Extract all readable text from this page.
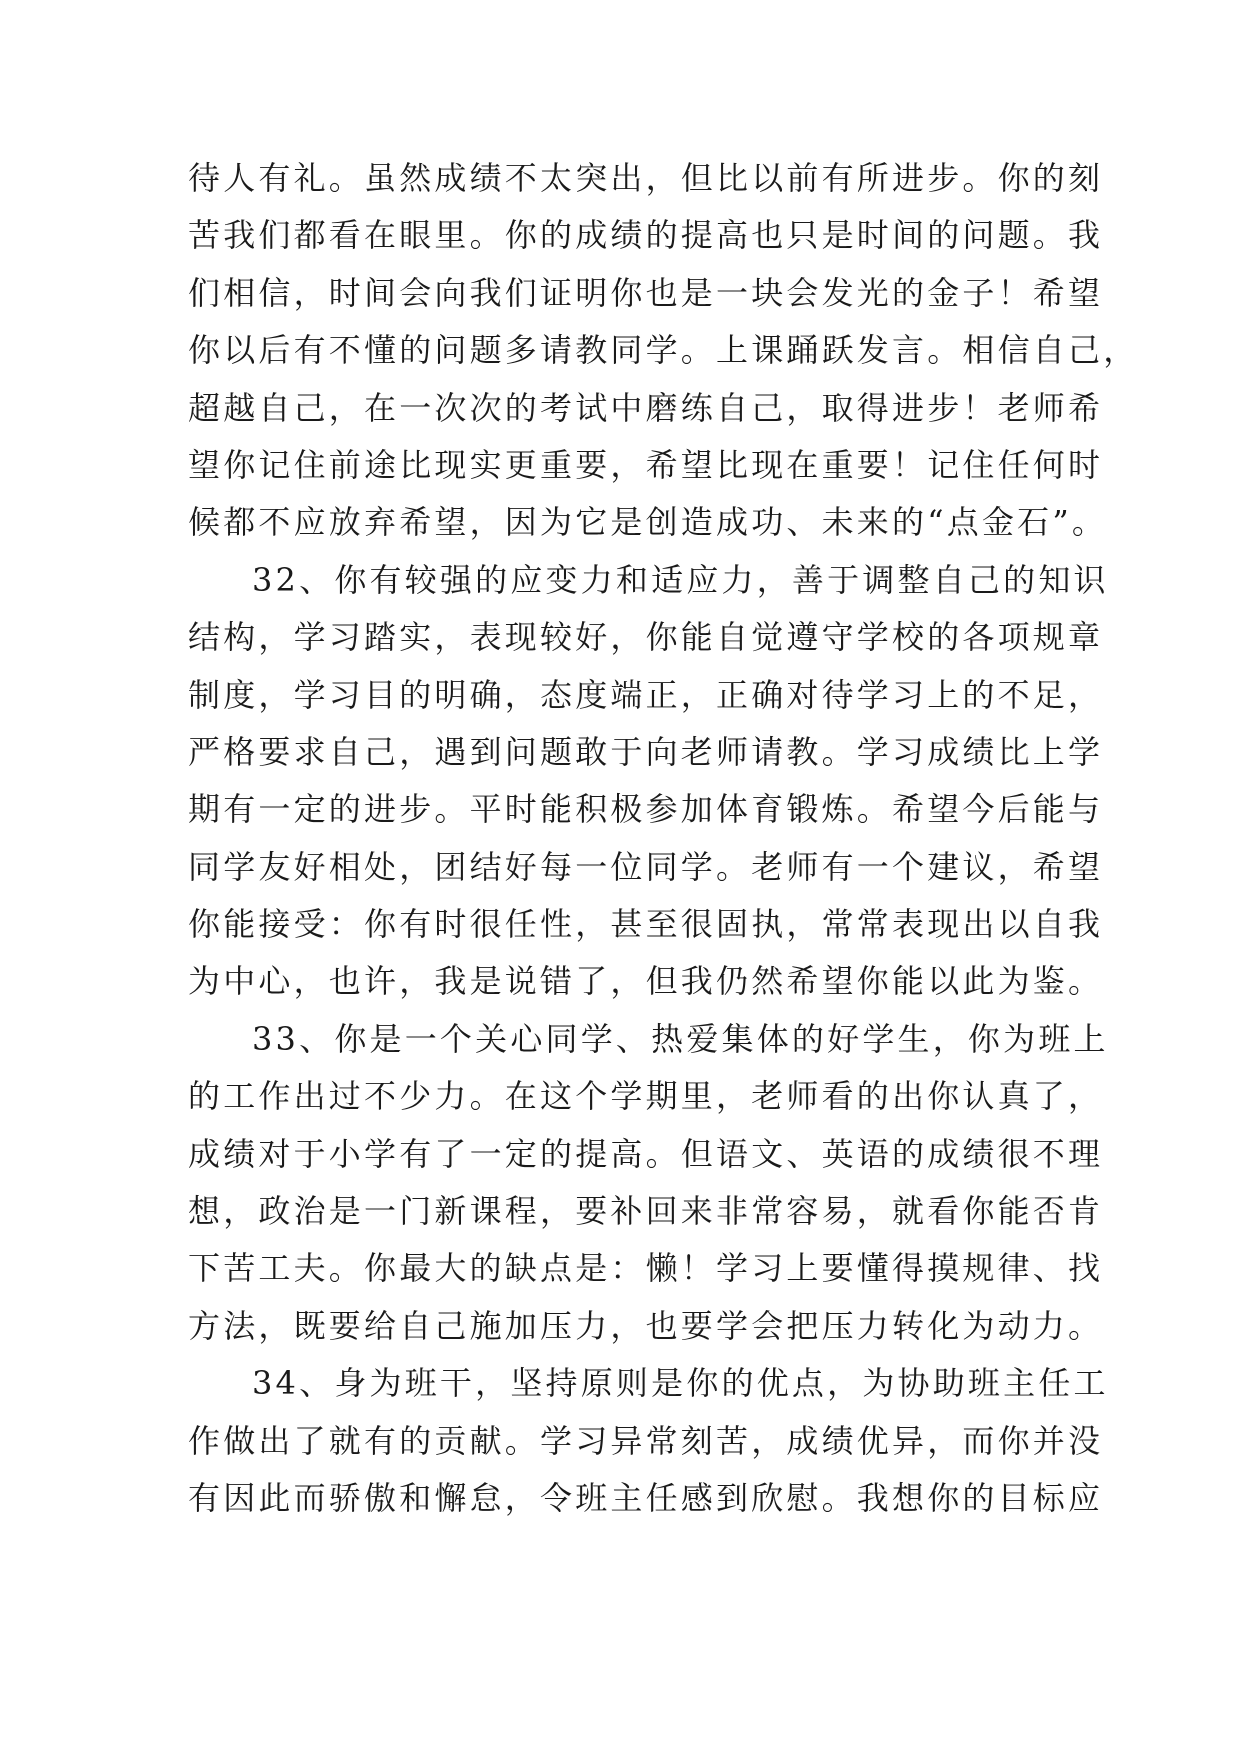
待人有礼。虽然成绩不太突出，但比以前有所进步。你的刻
苦我们都看在眼里。你的成绩的提高也只是时间的问题。我
们相信，时间会向我们证明你也是一块会发光的金子！希望
你以后有不懂的问题多请教同学。上课踊跃发言。相信自己，
超越自己，在一次次的考试中磨练自己，取得进步！老师希
望你记住前途比现实更重要，希望比现在重要！记住任何时
候都不应放弃希望，因为它是创造成功、未来的“点金石”。
32、你有较强的应变力和适应力，善于调整自己的知识
结构，学习踏实，表现较好，你能自觉遵守学校的各项规章
制度，学习目的明确，态度端正，正确对待学习上的不足，
严格要求自己，遇到问题敢于向老师请教。学习成绩比上学
期有一定的进步。平时能积极参加体育锻炼。希望今后能与
同学友好相处，团结好每一位同学。老师有一个建议，希望
你能接受：你有时很任性，甚至很固执，常常表现出以自我
为中心，也许，我是说错了，但我仍然希望你能以此为鉴。
33、你是一个关心同学、热爱集体的好学生，你为班上
的工作出过不少力。在这个学期里，老师看的出你认真了，
成绩对于小学有了一定的提高。但语文、英语的成绩很不理
想，政治是一门新课程，要补回来非常容易，就看你能否肯
下苦工夫。你最大的缺点是：懒！学习上要懂得摸规律、找
方法，既要给自己施加压力，也要学会把压力转化为动力。
34、身为班干，坚持原则是你的优点，为协助班主任工
作做出了就有的贡献。学习异常刻苦，成绩优异，而你并没
有因此而骄傲和懈怠，令班主任感到欣慰。我想你的目标应
